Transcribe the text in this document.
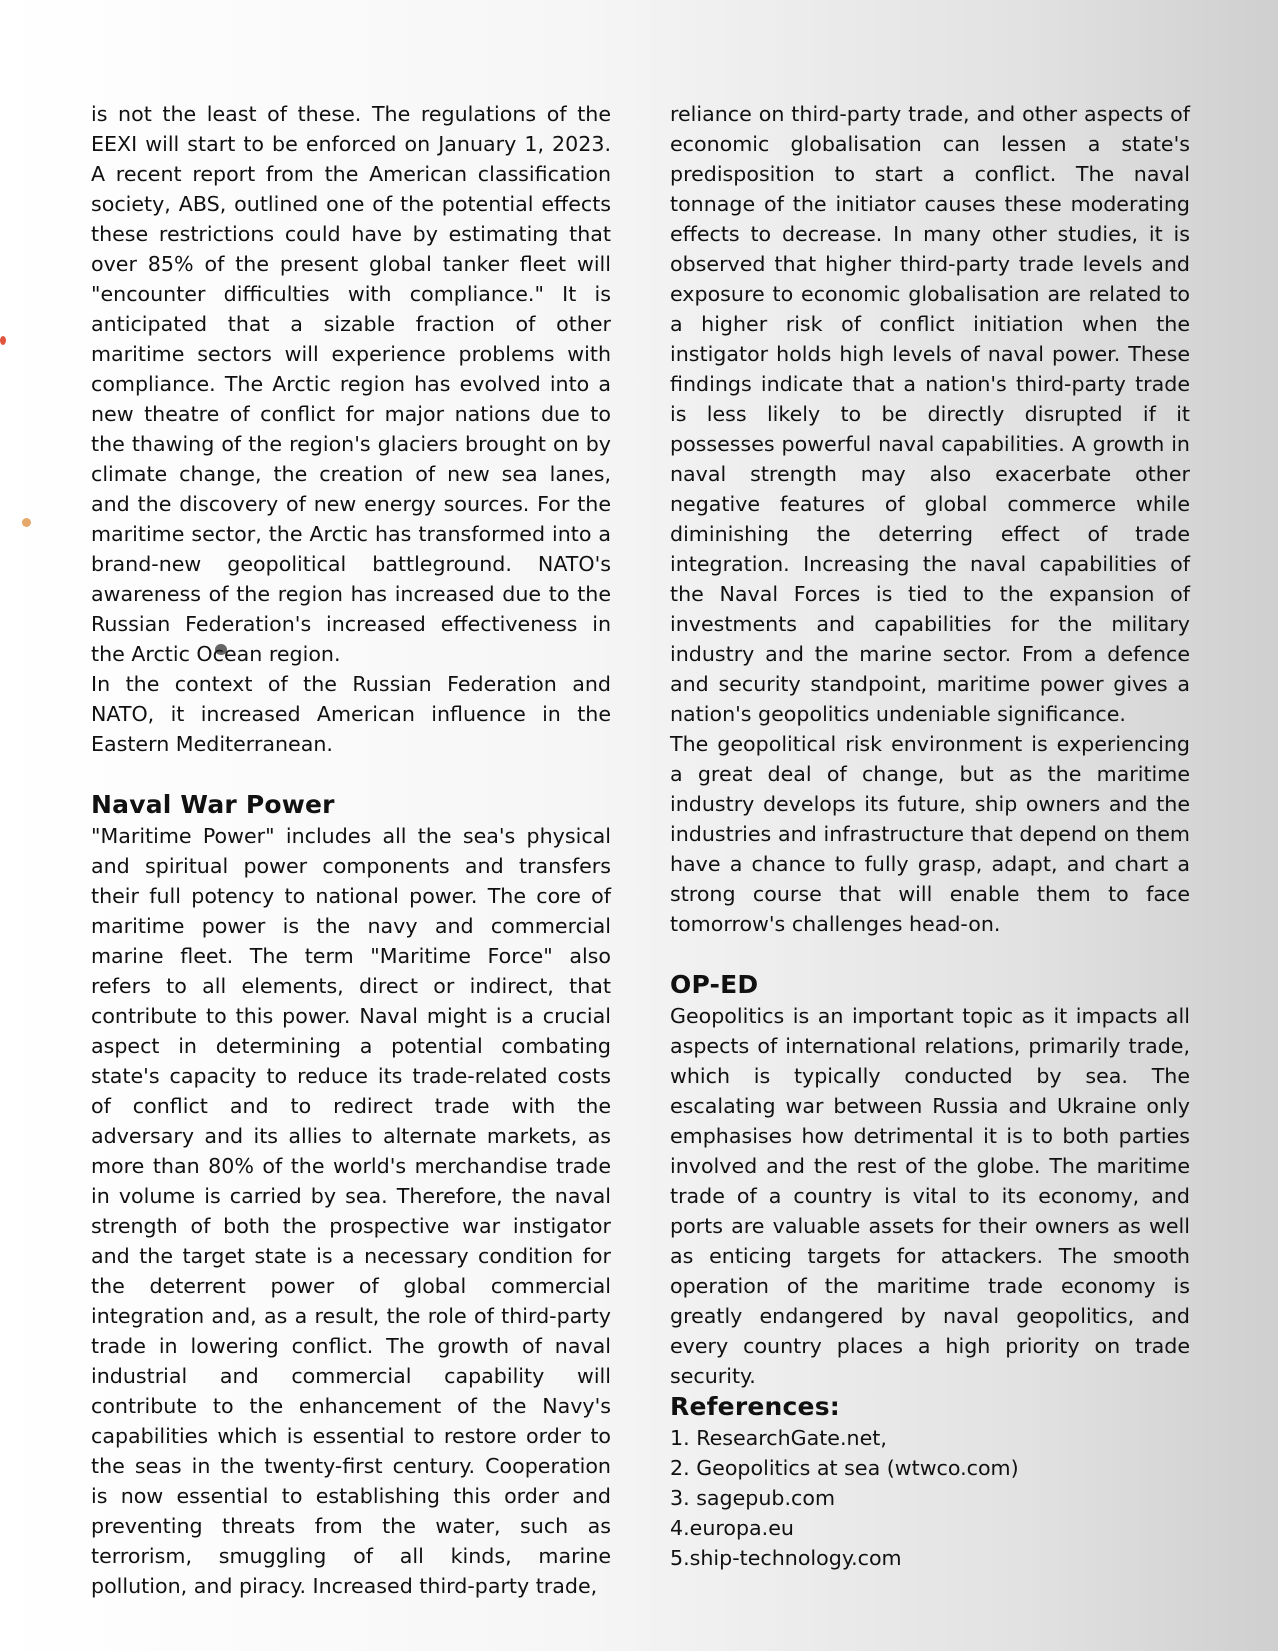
is not the least of these. The regulations of the EEXI will start to be enforced on January 1, 2023. A recent report from the American classification society, ABS, outlined one of the potential effects these restrictions could have by estimating that over 85% of the present global tanker fleet will "encounter difficulties with compliance." It is anticipated that a sizable fraction of other maritime sectors will experience problems with compliance. The Arctic region has evolved into a new theatre of conflict for major nations due to the thawing of the region's glaciers brought on by climate change, the creation of new sea lanes, and the discovery of new energy sources. For the maritime sector, the Arctic has transformed into a brand-new geopolitical battleground. NATO's awareness of the region has increased due to the Russian Federation's increased effectiveness in the Arctic Ocean region.

In the context of the Russian Federation and NATO, it increased American influence in the Eastern Mediterranean.

Naval War Power

"Maritime Power" includes all the sea's physical and spiritual power components and transfers their full potency to national power. The core of maritime power is the navy and commercial marine fleet. The term "Maritime Force" also refers to all elements, direct or indirect, that contribute to this power. Naval might is a crucial aspect in determining a potential combating state's capacity to reduce its trade-related costs of conflict and to redirect trade with the adversary and its allies to alternate markets, as more than 80% of the world's merchandise trade in volume is carried by sea. Therefore, the naval strength of both the prospective war instigator and the target state is a necessary condition for the deterrent power of global commercial integration and, as a result, the role of third-party trade in lowering conflict. The growth of naval industrial and commercial capability will contribute to the enhancement of the Navy's capabilities which is essential to restore order to the seas in the twenty-first century. Cooperation is now essential to establishing this order and preventing threats from the water, such as terrorism, smuggling of all kinds, marine pollution, and piracy. Increased third-party trade,

reliance on third-party trade, and other aspects of economic globalisation can lessen a state's predisposition to start a conflict. The naval tonnage of the initiator causes these moderating effects to decrease. In many other studies, it is observed that higher third-party trade levels and exposure to economic globalisation are related to a higher risk of conflict initiation when the instigator holds high levels of naval power. These findings indicate that a nation's third-party trade is less likely to be directly disrupted if it possesses powerful naval capabilities. A growth in naval strength may also exacerbate other negative features of global commerce while diminishing the deterring effect of trade integration. Increasing the naval capabilities of the Naval Forces is tied to the expansion of investments and capabilities for the military industry and the marine sector. From a defence and security standpoint, maritime power gives a nation's geopolitics undeniable significance.

The geopolitical risk environment is experiencing a great deal of change, but as the maritime industry develops its future, ship owners and the industries and infrastructure that depend on them have a chance to fully grasp, adapt, and chart a strong course that will enable them to face tomorrow's challenges head-on.

OP-ED

Geopolitics is an important topic as it impacts all aspects of international relations, primarily trade, which is typically conducted by sea. The escalating war between Russia and Ukraine only emphasises how detrimental it is to both parties involved and the rest of the globe. The maritime trade of a country is vital to its economy, and ports are valuable assets for their owners as well as enticing targets for attackers. The smooth operation of the maritime trade economy is greatly endangered by naval geopolitics, and every country places a high priority on trade security.

References:
1. ResearchGate.net,
2. Geopolitics at sea (wtwco.com)
3. sagepub.com
4.europa.eu
5.ship-technology.com
